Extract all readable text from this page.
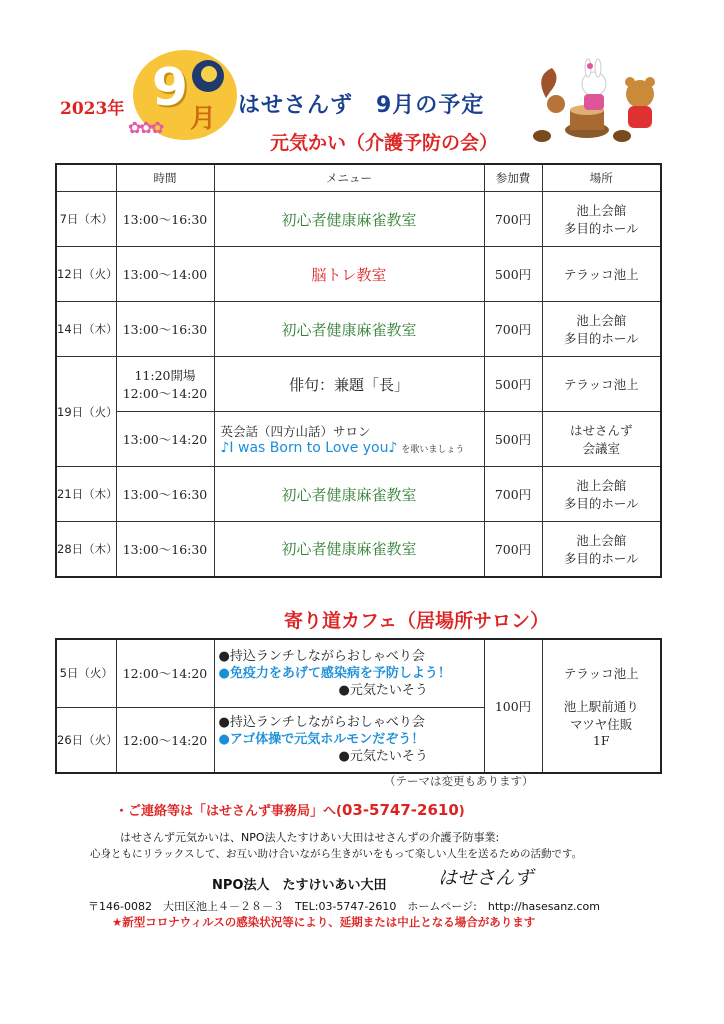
2023年 9
月
✿✿✿
はせさんず　9月の予定
元気かい（介護予防の会）
	時間	メニュー	参加費	場所
7日（木）	13:00〜16:30	初心者健康麻雀教室	700円	池上会館
多目的ホール
12日（火）	13:00〜14:00	脳トレ教室	500円	テラッコ池上
14日（木）	13:00〜16:30	初心者健康麻雀教室	700円	池上会館
多目的ホール
19日（火）	11:20開場
12:00〜14:20	俳句：兼題「長」	500円	テラッコ池上
	13:00〜14:20	英会話（四方山話）サロン
♪I was Born to Love you♪ を歌いましょう	500円	はせさんず
会議室
21日（木）	13:00〜16:30	初心者健康麻雀教室	700円	池上会館
多目的ホール
28日（木）	13:00〜16:30	初心者健康麻雀教室	700円	池上会館
多目的ホール
寄り道カフェ（居場所サロン）
5日（火）	12:00〜14:20	●持込ランチしながらおしゃべり会
●免疫力をあげて感染病を予防しよう！
●元気たいそう	100円	テラッコ池上

池上駅前通り
マツヤ住販
1F
26日（火）	12:00〜14:20	●持込ランチしながらおしゃべり会
●アゴ体操で元気ホルモンだぞう！
●元気たいそう		
（テーマは変更もあります）
・ご連絡等は「はせさんず事務局」へ(03-5747-2610)
はせさんず元気かいは、NPO法人たすけあい大田はせさんずの介護予防事業:
心身ともにリラックスして、お互い助け合いながら生きがいをもって楽しい人生を送るための活動です。
NPO法人　たすけいあい大田	はせさんず
〒146-0082　大田区池上４－２８－３　TEL:03-5747-2610　ホームページ:　http://hasesanz.com
★新型コロナウィルスの感染状況等により、延期または中止となる場合があります
